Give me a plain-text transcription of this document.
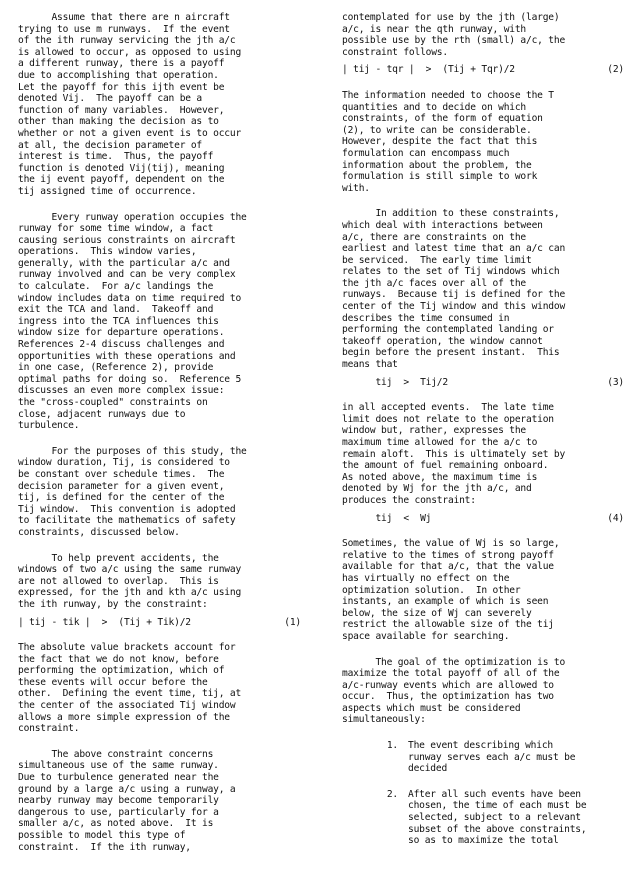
Assume that there are n aircraft
trying to use m runways.  If the event
of the ith runway servicing the jth a/c
is allowed to occur, as opposed to using
a different runway, there is a payoff
due to accomplishing that operation.
Let the payoff for this ijth event be
denoted Vij.  The payoff can be a
function of many variables.  However,
other than making the decision as to
whether or not a given event is to occur
at all, the decision parameter of
interest is time.  Thus, the payoff
function is denoted Vij(tij), meaning
the ij event payoff, dependent on the
tij assigned time of occurrence.
Every runway operation occupies the
runway for some time window, a fact
causing serious constraints on aircraft
operations.  This window varies,
generally, with the particular a/c and
runway involved and can be very complex
to calculate.  For a/c landings the
window includes data on time required to
exit the TCA and land.  Takeoff and
ingress into the TCA influences this
window size for departure operations.
References 2-4 discuss challenges and
opportunities with these operations and
in one case, (Reference 2), provide
optimal paths for doing so.  Reference 5
discusses an even more complex issue:
the "cross-coupled" constraints on
close, adjacent runways due to
turbulence.
For the purposes of this study, the
window duration, Tij, is considered to
be constant over schedule times.  The
decision parameter for a given event,
tij, is defined for the center of the
Tij window.  This convention is adopted
to facilitate the mathematics of safety
constraints, discussed below.
To help prevent accidents, the
windows of two a/c using the same runway
are not allowed to overlap.  This is
expressed, for the jth and kth a/c using
the ith runway, by the constraint:
| tij - tik |  >  (Tij + Tik)/2	(1)
The absolute value brackets account for
the fact that we do not know, before
performing the optimization, which of
these events will occur before the
other.  Defining the event time, tij, at
the center of the associated Tij window
allows a more simple expression of the
constraint.
The above constraint concerns
simultaneous use of the same runway.
Due to turbulence generated near the
ground by a large a/c using a runway, a
nearby runway may become temporarily
dangerous to use, particularly for a
smaller a/c, as noted above.  It is
possible to model this type of
constraint.  If the ith runway,
contemplated for use by the jth (large)
a/c, is near the qth runway, with
possible use by the rth (small) a/c, the
constraint follows.
| tij - tqr |  >  (Tij + Tqr)/2	(2)
The information needed to choose the T
quantities and to decide on which
constraints, of the form of equation
(2), to write can be considerable.
However, despite the fact that this
formulation can encompass much
information about the problem, the
formulation is still simple to work
with.
In addition to these constraints,
which deal with interactions between
a/c, there are constraints on the
earliest and latest time that an a/c can
be serviced.  The early time limit
relates to the set of Tij windows which
the jth a/c faces over all of the
runways.  Because tij is defined for the
center of the Tij window and this window
describes the time consumed in
performing the contemplated landing or
takeoff operation, the window cannot
begin before the present instant.  This
means that
tij  >  Tij/2	(3)
in all accepted events.  The late time
limit does not relate to the operation
window but, rather, expresses the
maximum time allowed for the a/c to
remain aloft.  This is ultimately set by
the amount of fuel remaining onboard.
As noted above, the maximum time is
denoted by Wj for the jth a/c, and
produces the constraint:
tij  <  Wj	(4)
Sometimes, the value of Wj is so large,
relative to the times of strong payoff
available for that a/c, that the value
has virtually no effect on the
optimization solution.  In other
instants, an example of which is seen
below, the size of Wj can severely
restrict the allowable size of the tij
space available for searching.
The goal of the optimization is to
maximize the total payoff of all of the
a/c-runway events which are allowed to
occur.  Thus, the optimization has two
aspects which must be considered
simultaneously:
1.	The event describing which
runway serves each a/c must be
decided
2.	After all such events have been
chosen, the time of each must be
selected, subject to a relevant
subset of the above constraints,
so as to maximize the total
